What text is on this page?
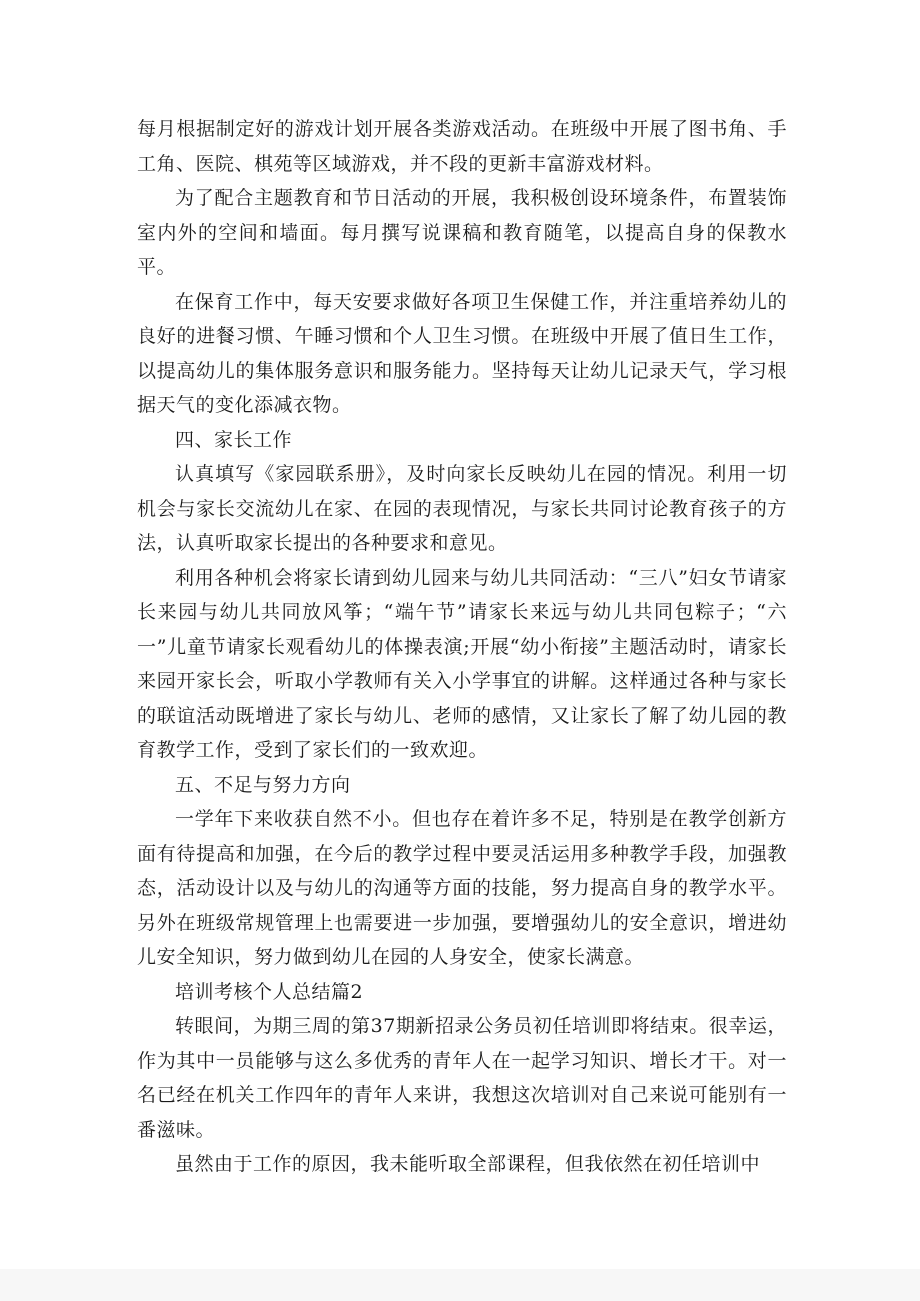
每月根据制定好的游戏计划开展各类游戏活动。在班级中开展了图书角、手工角、医院、棋苑等区域游戏，并不段的更新丰富游戏材料。

为了配合主题教育和节日活动的开展，我积极创设环境条件，布置装饰室内外的空间和墙面。每月撰写说课稿和教育随笔，以提高自身的保教水平。

在保育工作中，每天安要求做好各项卫生保健工作，并注重培养幼儿的良好的进餐习惯、午睡习惯和个人卫生习惯。在班级中开展了值日生工作，以提高幼儿的集体服务意识和服务能力。坚持每天让幼儿记录天气，学习根据天气的变化添减衣物。

四、家长工作

认真填写《家园联系册》，及时向家长反映幼儿在园的情况。利用一切机会与家长交流幼儿在家、在园的表现情况，与家长共同讨论教育孩子的方法，认真听取家长提出的各种要求和意见。

利用各种机会将家长请到幼儿园来与幼儿共同活动：“三八”妇女节请家长来园与幼儿共同放风筝；“端午节”请家长来远与幼儿共同包粽子；“六一”儿童节请家长观看幼儿的体操表演;开展“幼小衔接”主题活动时，请家长来园开家长会，听取小学教师有关入小学事宜的讲解。这样通过各种与家长的联谊活动既增进了家长与幼儿、老师的感情，又让家长了解了幼儿园的教育教学工作，受到了家长们的一致欢迎。

五、不足与努力方向

一学年下来收获自然不小。但也存在着许多不足，特别是在教学创新方面有待提高和加强，在今后的教学过程中要灵活运用多种教学手段，加强教态，活动设计以及与幼儿的沟通等方面的技能，努力提高自身的教学水平。另外在班级常规管理上也需要进一步加强，要增强幼儿的安全意识，增进幼儿安全知识，努力做到幼儿在园的人身安全，使家长满意。

培训考核个人总结篇2

转眼间，为期三周的第37期新招录公务员初任培训即将结束。很幸运，作为其中一员能够与这么多优秀的青年人在一起学习知识、增长才干。对一名已经在机关工作四年的青年人来讲，我想这次培训对自己来说可能别有一番滋味。

虽然由于工作的原因，我未能听取全部课程，但我依然在初任培训中
